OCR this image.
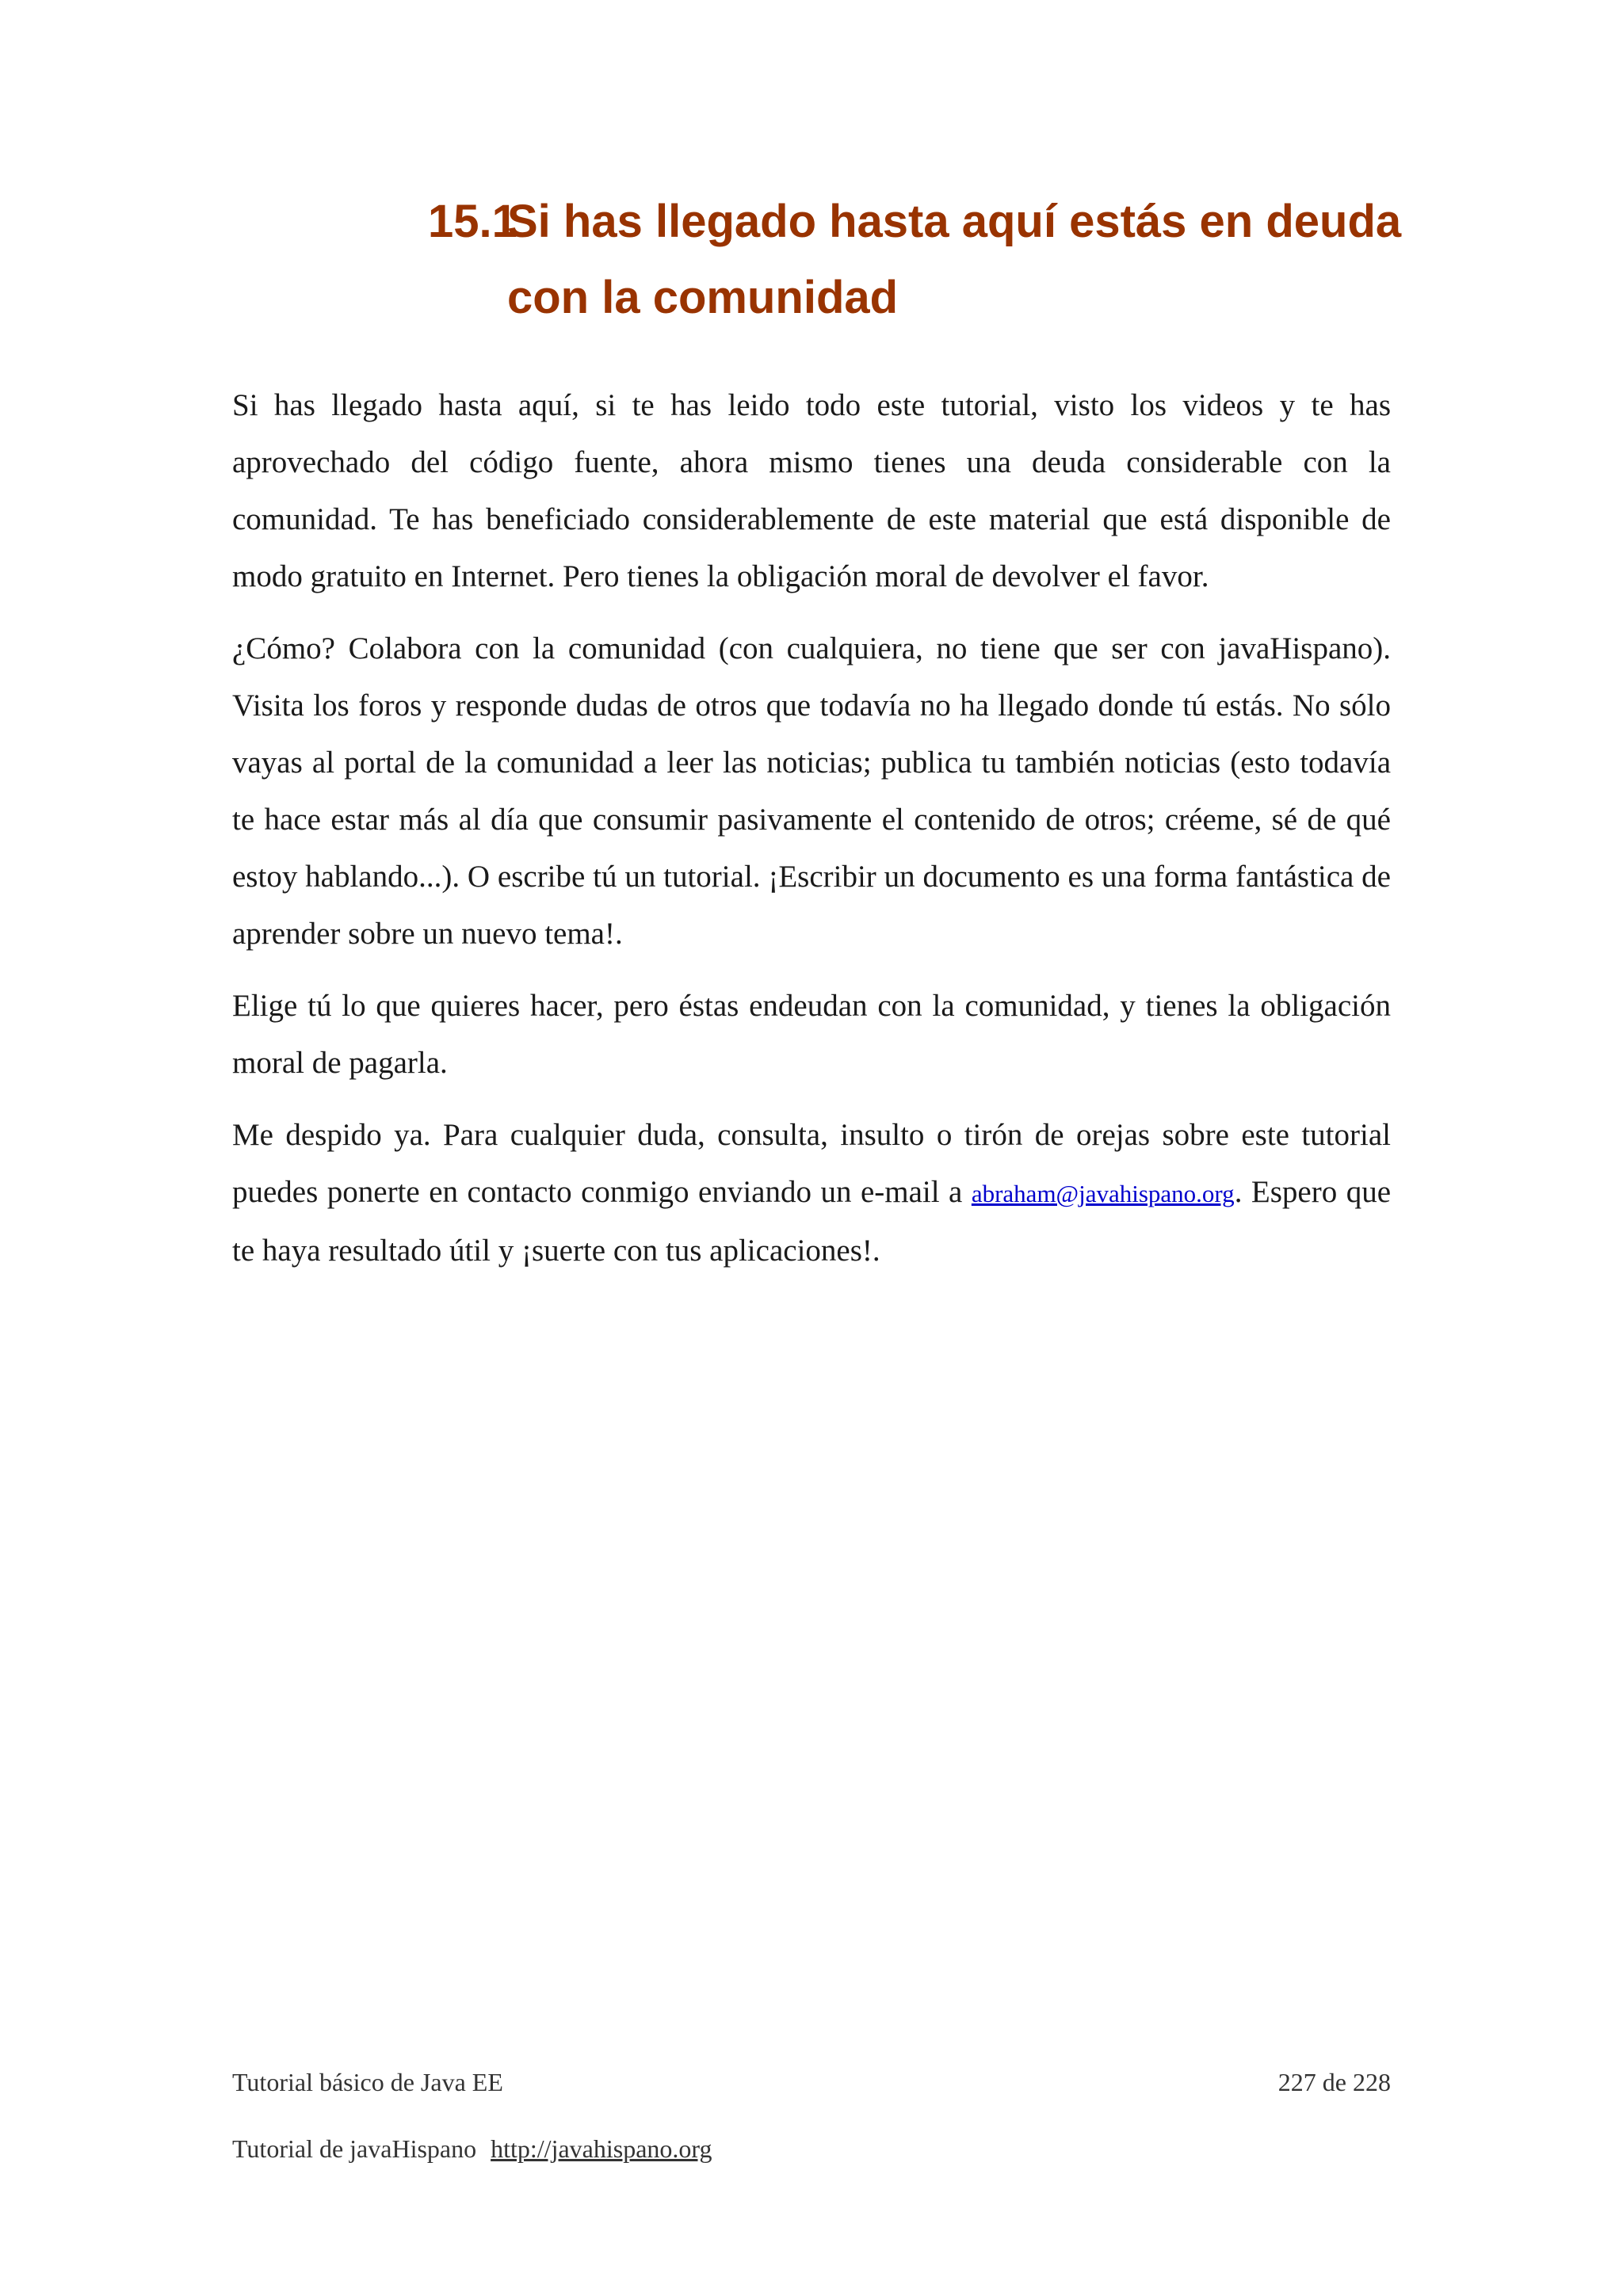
15.1Si has llegado hasta aquí estás en deuda
con la comunidad

Si has llegado hasta aquí, si te has leido todo este tutorial, visto los videos y te has aprovechado del código fuente, ahora mismo tienes una deuda considerable con la comunidad. Te has beneficiado considerablemente de este material que está disponible de modo gratuito en Internet. Pero tienes la obligación moral de devolver el favor.

¿Cómo? Colabora con la comunidad (con cualquiera, no tiene que ser con javaHispano). Visita los foros y responde dudas de otros que todavía no ha llegado donde tú estás. No sólo vayas al portal de la comunidad a leer las noticias; publica tu también noticias (esto todavía te hace estar más al día que consumir pasivamente el contenido de otros; créeme, sé de qué estoy hablando...). O escribe tú un tutorial. ¡Escribir un documento es una forma fantástica de aprender sobre un nuevo tema!.

Elige tú lo que quieres hacer, pero éstas endeudan con la comunidad, y tienes la obligación moral de pagarla.

Me despido ya. Para cualquier duda, consulta, insulto o tirón de orejas sobre este tutorial puedes ponerte en contacto conmigo enviando un e-mail a abraham@javahispano.org. Espero que te haya resultado útil y ¡suerte con tus aplicaciones!.

Tutorial básico de Java EE	227 de 228
Tutorial de javaHispano http://javahispano.org
